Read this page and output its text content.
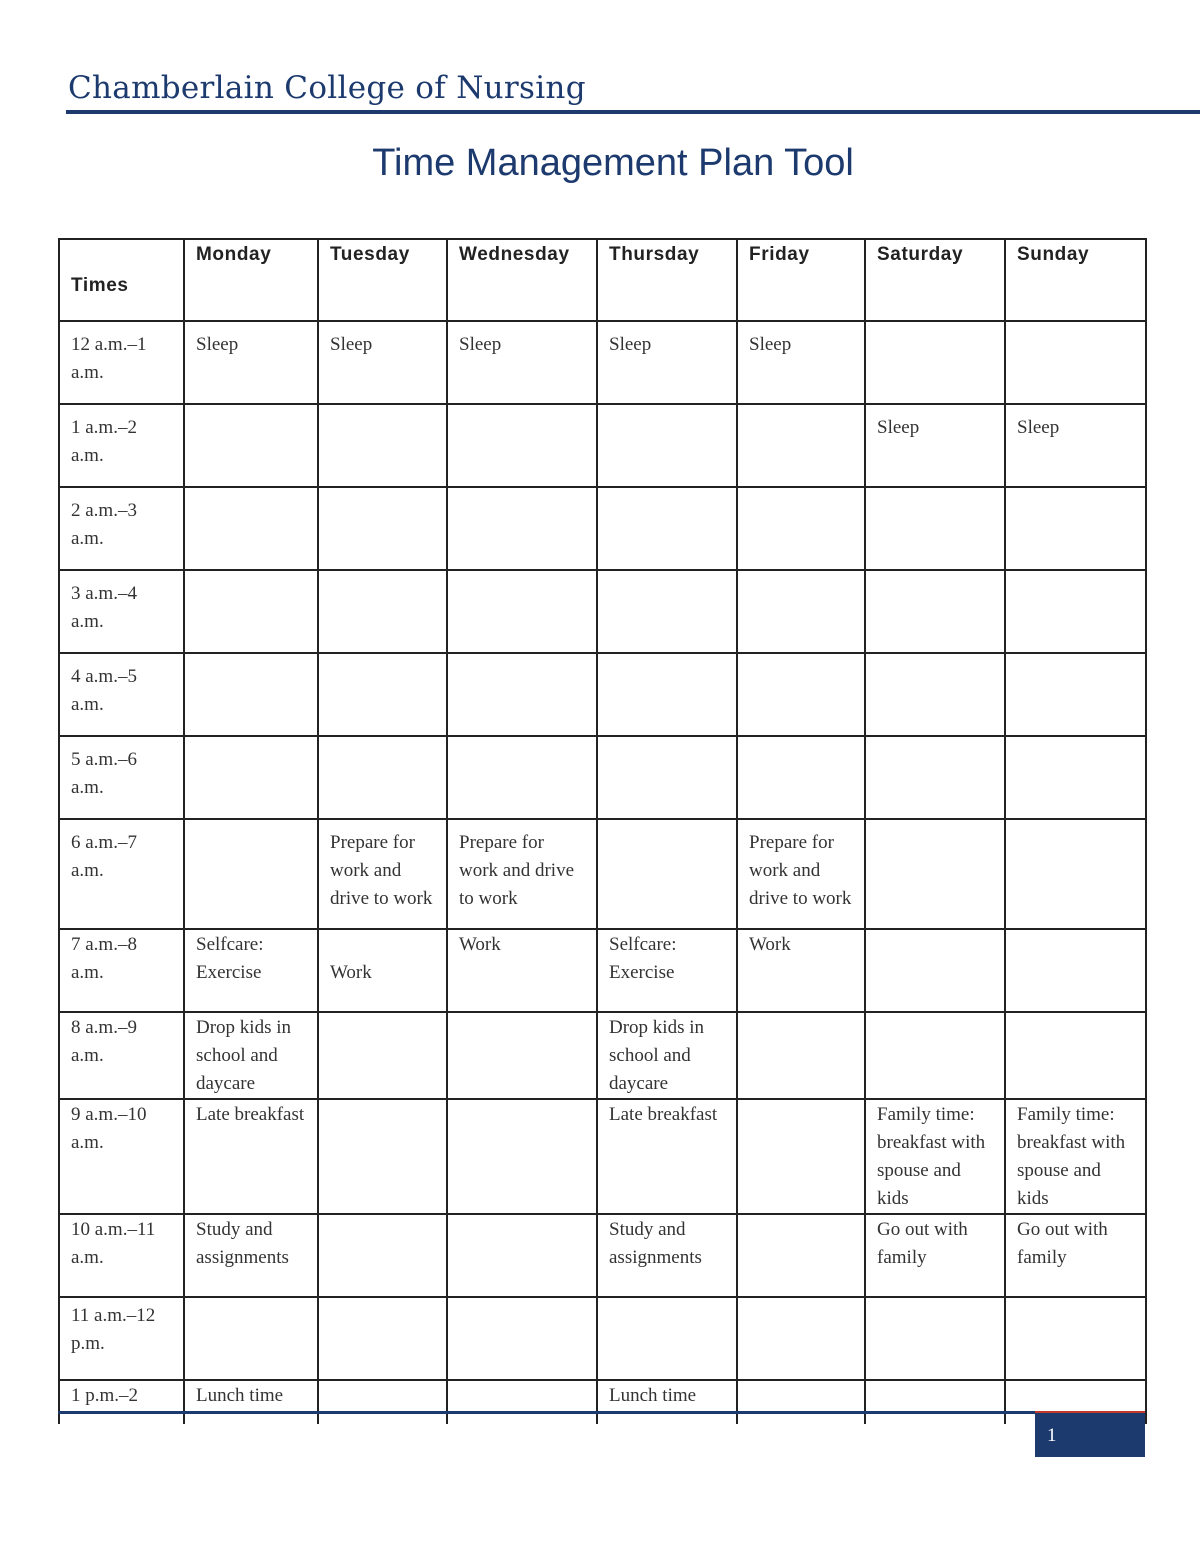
Chamberlain College of Nursing
Time Management Plan Tool
Times	Monday	Tuesday	Wednesday	Thursday	Friday	Saturday	Sunday
12 a.m.–1 a.m.	Sleep	Sleep	Sleep	Sleep	Sleep		
1 a.m.–2 a.m.						Sleep	Sleep
2 a.m.–3 a.m.							
3 a.m.–4 a.m.							
4 a.m.–5 a.m.							
5 a.m.–6 a.m.							
6 a.m.–7 a.m.		Prepare for work and drive to work	Prepare for work and drive to work		Prepare for work and drive to work		
7 a.m.–8 a.m.	Selfcare: Exercise	Work	Work	Selfcare: Exercise	Work		
8 a.m.–9 a.m.	Drop kids in school and daycare			Drop kids in school and daycare			
9 a.m.–10 a.m.	Late breakfast			Late breakfast		Family time: breakfast with spouse and kids	Family time: breakfast with spouse and kids
10 a.m.–11 a.m.	Study and assignments			Study and assignments		Go out with family	Go out with family
11 a.m.–12 p.m.							
1 p.m.–2	Lunch time			Lunch time			
1
